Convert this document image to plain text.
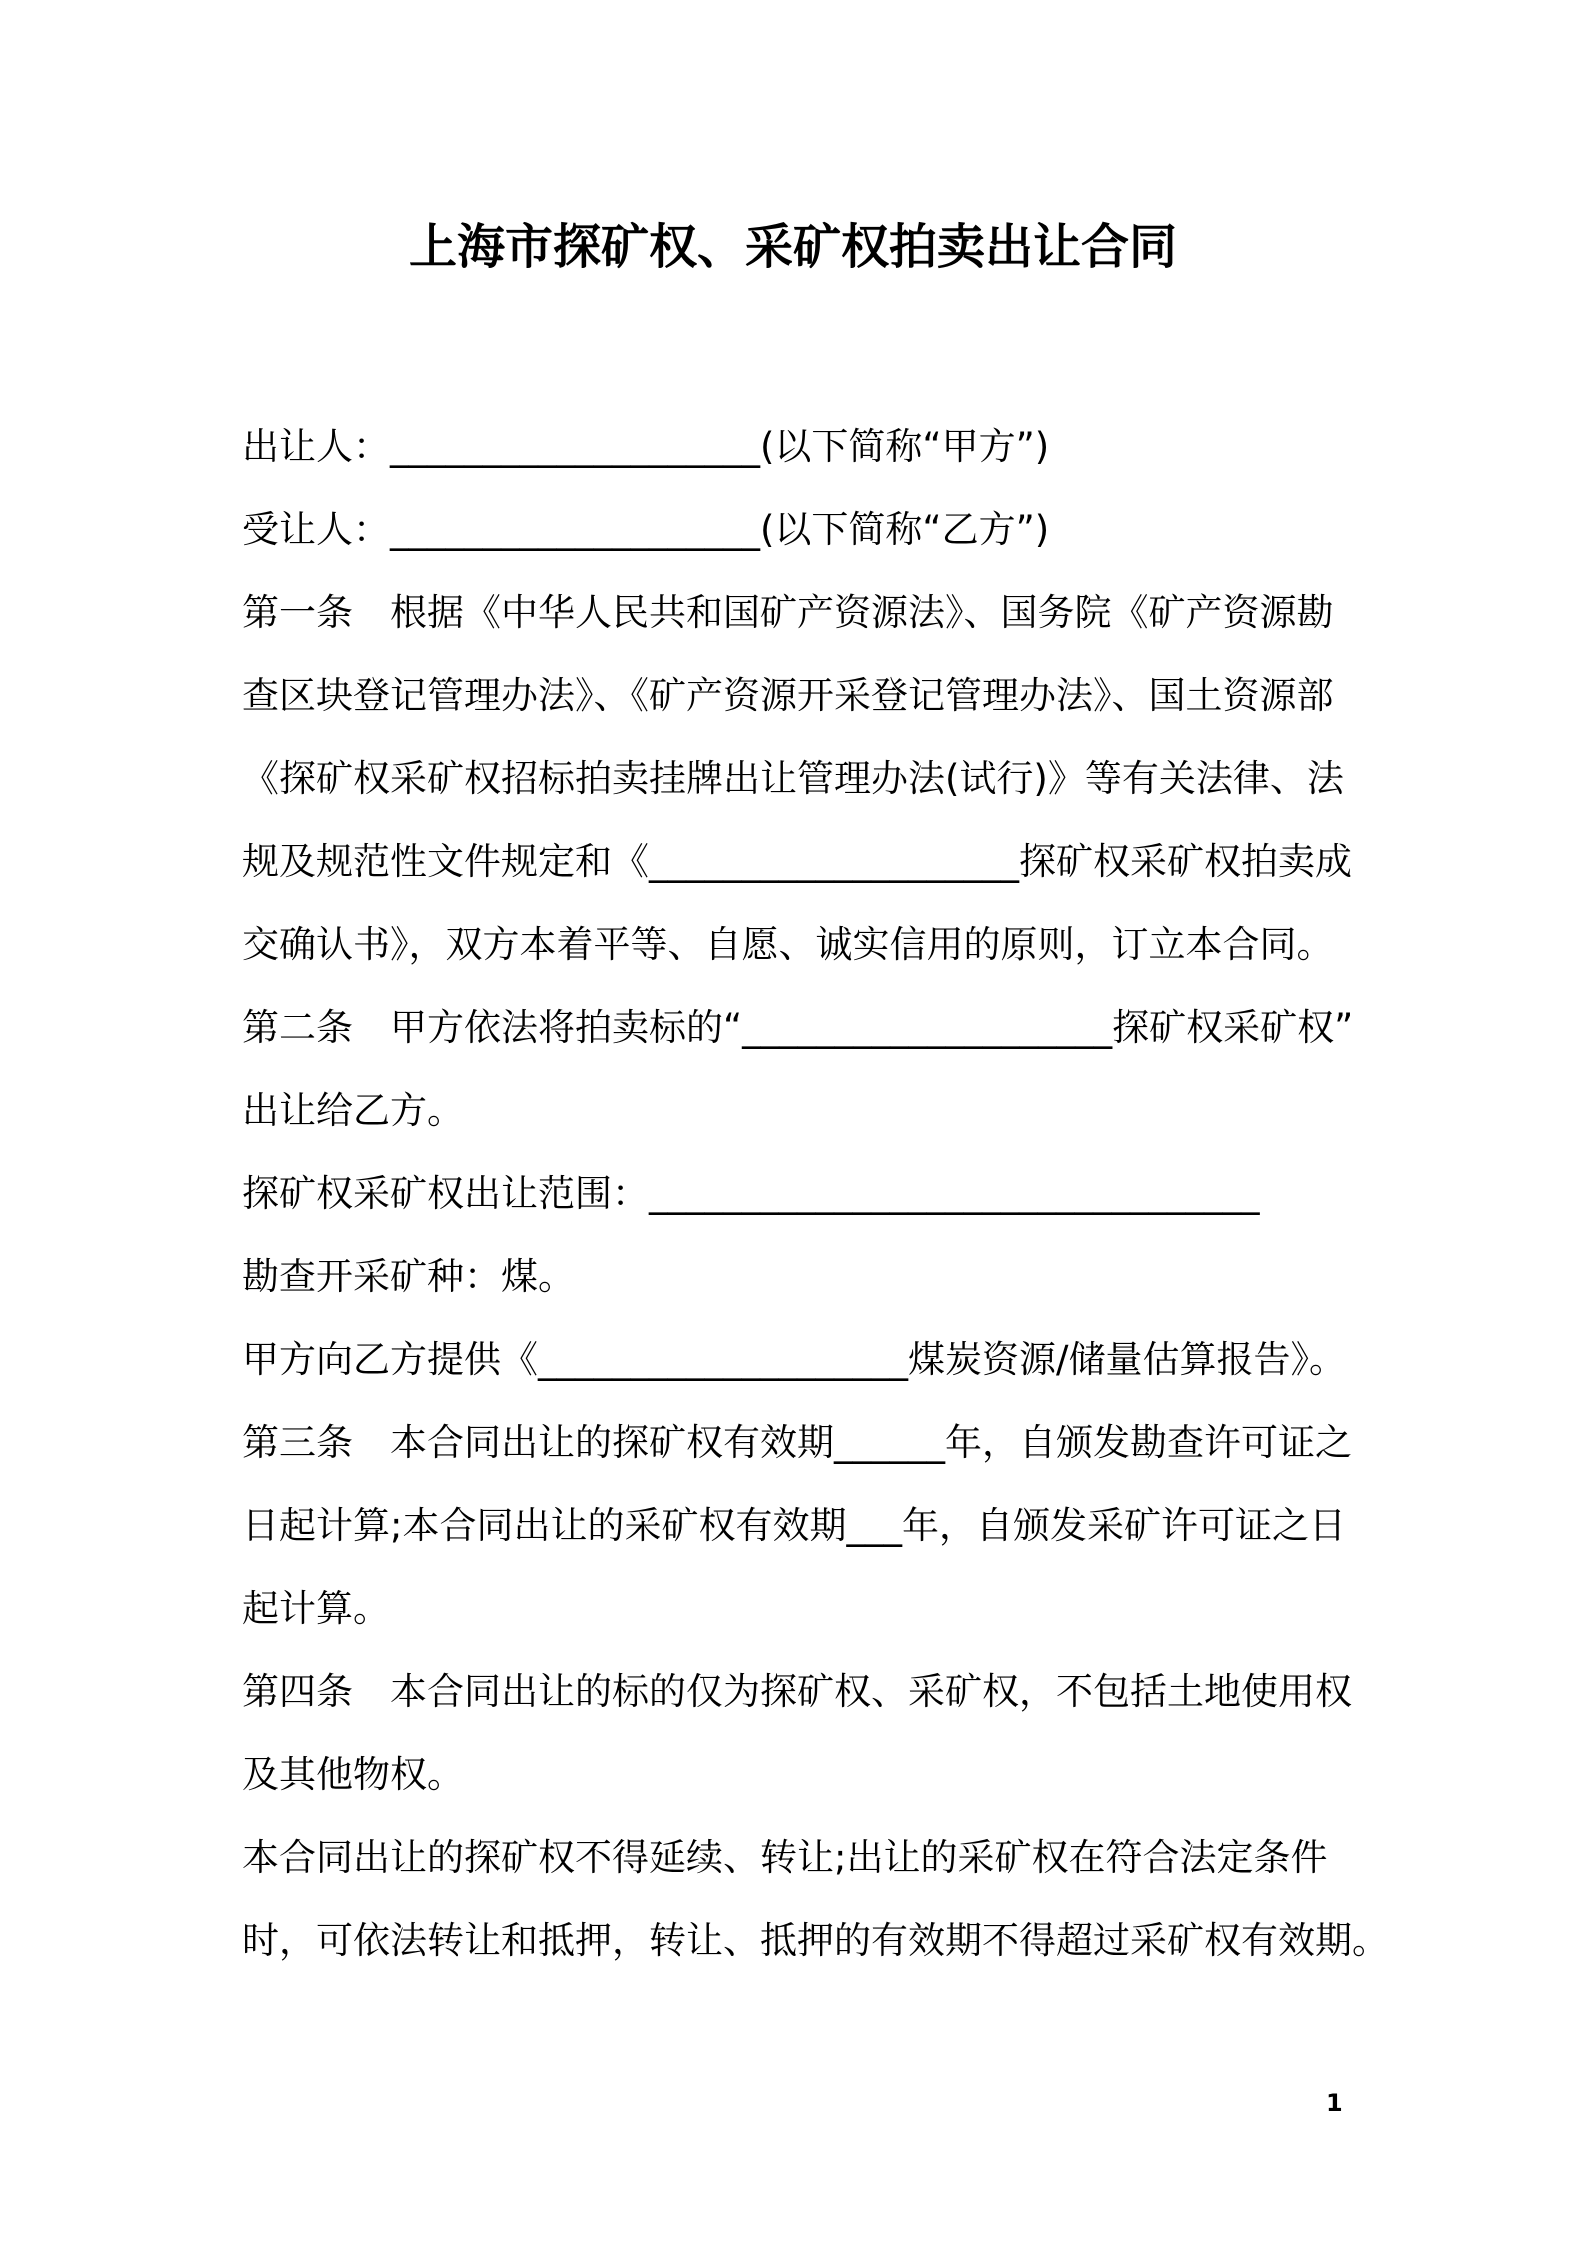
上海市探矿权、采矿权拍卖出让合同
出让人：____________________(以下简称“甲方”)
受让人：____________________(以下简称“乙方”)
第一条　根据《中华人民共和国矿产资源法》、国务院《矿产资源勘
查区块登记管理办法》、《矿产资源开采登记管理办法》、国土资源部
《探矿权采矿权招标拍卖挂牌出让管理办法(试行)》等有关法律、法
规及规范性文件规定和《____________________探矿权采矿权拍卖成
交确认书》，双方本着平等、自愿、诚实信用的原则，订立本合同。
第二条　甲方依法将拍卖标的“____________________探矿权采矿权”
出让给乙方。
探矿权采矿权出让范围：_________________________________
勘查开采矿种：煤。
甲方向乙方提供《____________________煤炭资源/储量估算报告》。
第三条　本合同出让的探矿权有效期______年，自颁发勘查许可证之
日起计算;本合同出让的采矿权有效期___年，自颁发采矿许可证之日
起计算。
第四条　本合同出让的标的仅为探矿权、采矿权，不包括土地使用权
及其他物权。
本合同出让的探矿权不得延续、转让;出让的采矿权在符合法定条件
时，可依法转让和抵押，转让、抵押的有效期不得超过采矿权有效期。
1
